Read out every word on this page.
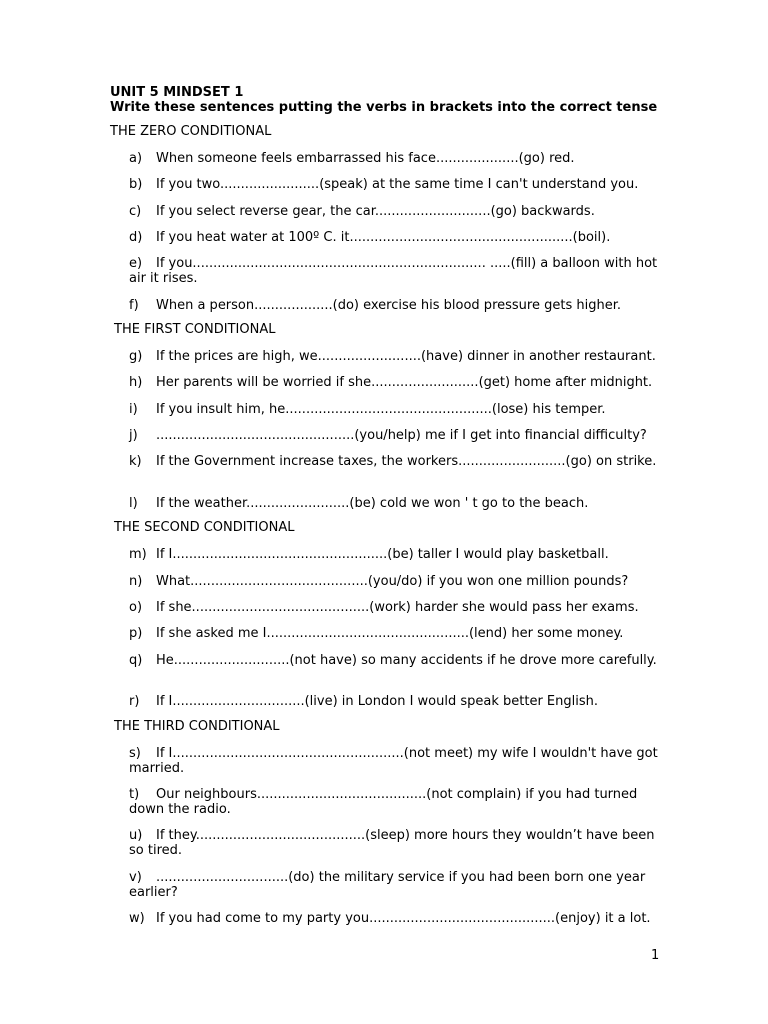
UNIT 5 MINDSET 1
Write these sentences putting the verbs in brackets into the correct tense
THE ZERO CONDITIONAL
a)	When someone feels embarrassed his face....................(go) red.
b)	If you two........................(speak) at the same time I can't understand you.
c)	If you select reverse gear, the car............................(go) backwards.
d)	If you heat water at 100º C. it......................................................(boil).
e)	If you....................................................................... .....(fill) a balloon with hot air it rises.
f)	When a person...................(do) exercise his blood pressure gets higher.
THE FIRST CONDITIONAL
g)	If the prices are high, we.........................(have) dinner in another restaurant.
h)	Her parents will be worried if she..........................(get) home after midnight.
i)	If you insult him, he..................................................(lose) his temper.
j)	................................................(you/help) me if I get into financial difficulty?
k)	If the Government increase taxes, the workers..........................(go) on strike.
l)	If the weather.........................(be) cold we won ' t go to the beach.
THE SECOND CONDITIONAL
m) If I....................................................(be) taller I would play basketball.
n)	What...........................................(you/do) if you won one million pounds?
o)	If she...........................................(work) harder she would pass her exams.
p)	If she asked me I.................................................(lend) her some money.
q)	He............................(not have) so many accidents if he drove more carefully.
r)	If I................................(live) in London I would speak better English.
THE THIRD CONDITIONAL
s)	If I........................................................(not meet) my wife I wouldn't have got married.
t)	Our neighbours.........................................(not complain) if you had turned down the radio.
u)	If they.........................................(sleep) more hours they wouldn’t have been so tired.
v)	................................(do) the military service if you had been born one year earlier?
w) If you had come to my party you.............................................(enjoy) it a lot.
1
